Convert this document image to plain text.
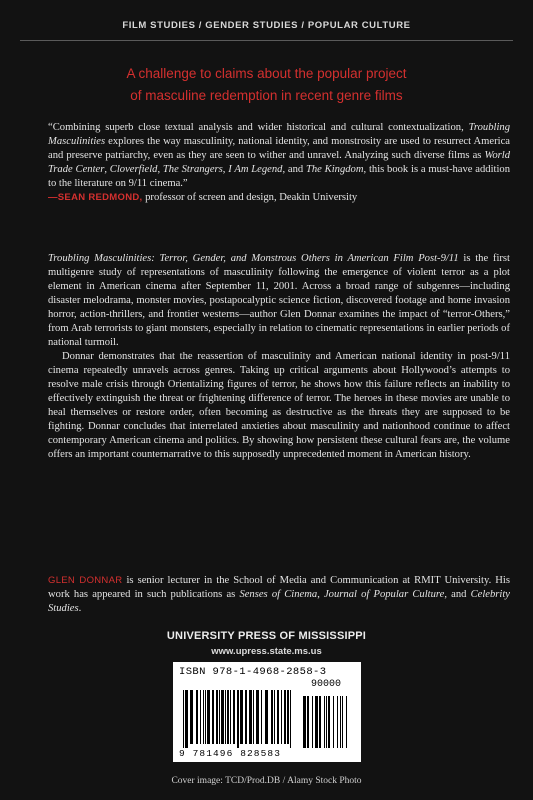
FILM STUDIES / GENDER STUDIES / POPULAR CULTURE
A challenge to claims about the popular project
of masculine redemption in recent genre films

“Combining superb close textual analysis and wider historical and cultural contextualization, Troubling Masculinities explores the way masculinity, national identity, and monstrosity are used to resurrect America and preserve patriarchy, even as they are seen to wither and unravel. Analyzing such diverse films as World Trade Center, Cloverfield, The Strangers, I Am Legend, and The Kingdom, this book is a must-have addition to the literature on 9/11 cinema.”

—SEAN REDMOND, professor of screen and design, Deakin University

Troubling Masculinities: Terror, Gender, and Monstrous Others in American Film Post-9/11 is the first multigenre study of representations of masculinity following the emergence of violent terror as a plot element in American cinema after September 11, 2001. Across a broad range of subgenres—including disaster melodrama, monster movies, postapocalyptic science fiction, discovered footage and home invasion horror, action-thrillers, and frontier westerns—author Glen Donnar examines the impact of “terror-Others,” from Arab terrorists to giant monsters, especially in relation to cinematic representations in earlier periods of national turmoil.

Donnar demonstrates that the reassertion of masculinity and American national identity in post-9/11 cinema repeatedly unravels across genres. Taking up critical arguments about Hollywood’s attempts to resolve male crisis through Orientalizing figures of terror, he shows how this failure reflects an inability to effectively extinguish the threat or frightening difference of terror. The heroes in these movies are unable to heal themselves or restore order, often becoming as destructive as the threats they are supposed to be fighting. Donnar concludes that interrelated anxieties about masculinity and nationhood continue to affect contemporary American cinema and politics. By showing how persistent these cultural fears are, the volume offers an important counternarrative to this supposedly unprecedented moment in American history.

GLEN DONNAR is senior lecturer in the School of Media and Communication at RMIT University. His work has appeared in such publications as Senses of Cinema, Journal of Popular Culture, and Celebrity Studies.

UNIVERSITY PRESS OF MISSISSIPPI
www.upress.state.ms.us
ISBN 978-1-4968-2858-3
90000
9 781496 828583
Cover image: TCD/Prod.DB / Alamy Stock Photo
